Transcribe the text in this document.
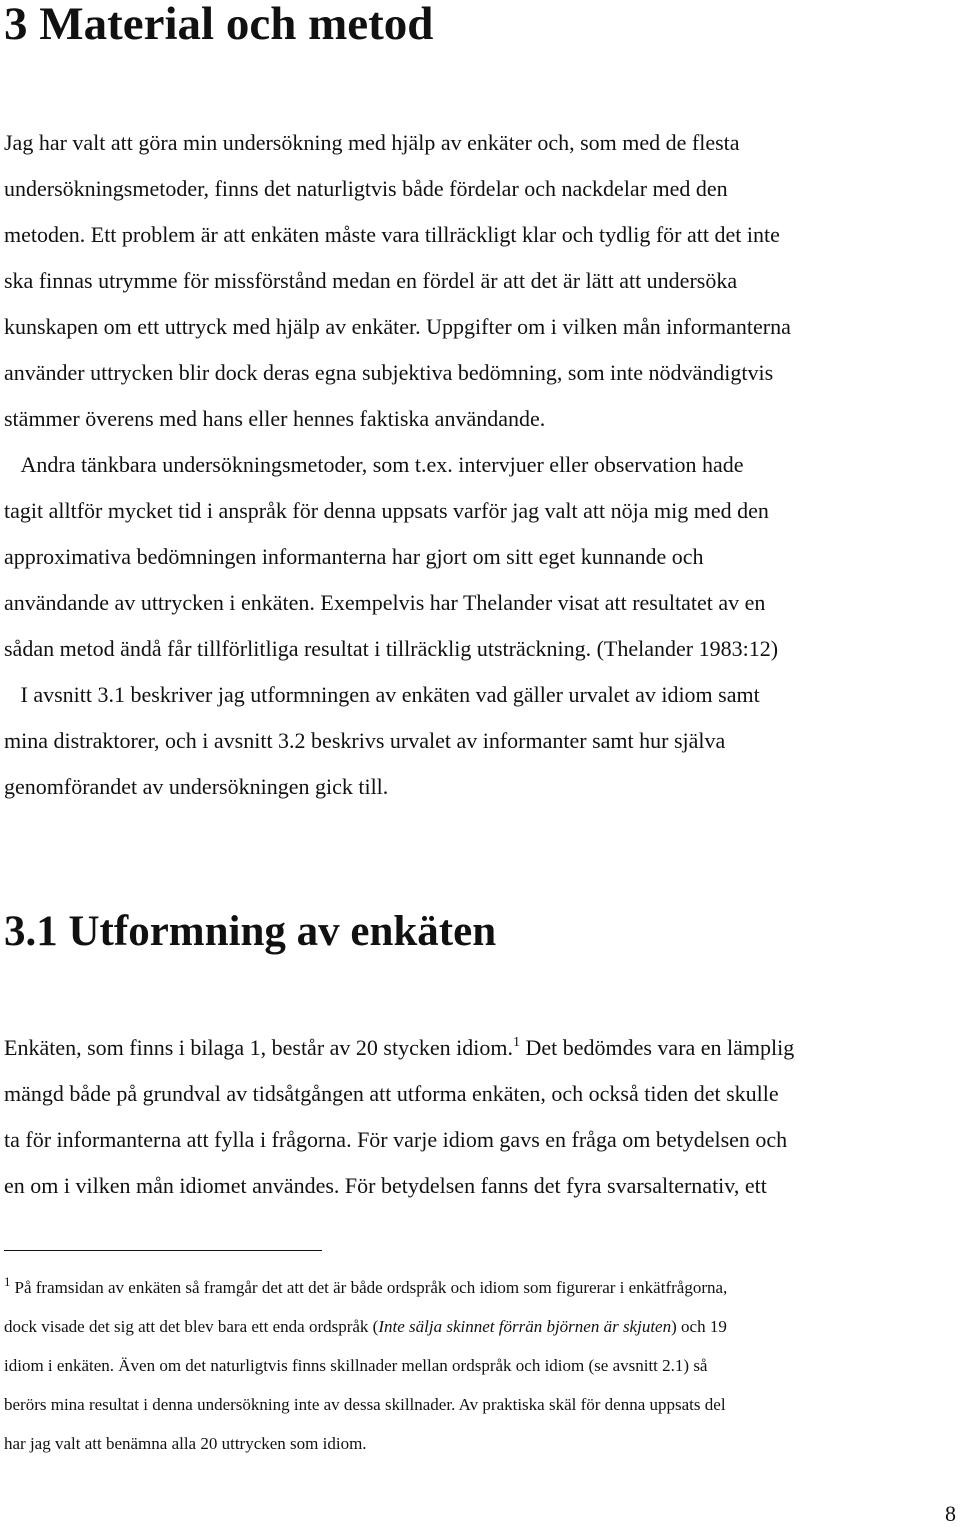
3 Material och metod
Jag har valt att göra min undersökning med hjälp av enkäter och, som med de flesta
undersökningsmetoder, finns det naturligtvis både fördelar och nackdelar med den
metoden. Ett problem är att enkäten måste vara tillräckligt klar och tydlig för att det inte
ska finnas utrymme för missförstånd medan en fördel är att det är lätt att undersöka
kunskapen om ett uttryck med hjälp av enkäter. Uppgifter om i vilken mån informanterna
använder uttrycken blir dock deras egna subjektiva bedömning, som inte nödvändigtvis
stämmer överens med hans eller hennes faktiska användande.
Andra tänkbara undersökningsmetoder, som t.ex. intervjuer eller observation hade
tagit alltför mycket tid i anspråk för denna uppsats varför jag valt att nöja mig med den
approximativa bedömningen informanterna har gjort om sitt eget kunnande och
användande av uttrycken i enkäten. Exempelvis har Thelander visat att resultatet av en
sådan metod ändå får tillförlitliga resultat i tillräcklig utsträckning. (Thelander 1983:12)
I avsnitt 3.1 beskriver jag utformningen av enkäten vad gäller urvalet av idiom samt
mina distraktorer, och i avsnitt 3.2 beskrivs urvalet av informanter samt hur själva
genomförandet av undersökningen gick till.
3.1 Utformning av enkäten
Enkäten, som finns i bilaga 1, består av 20 stycken idiom.$^1$ Det bedömdes vara en lämplig
mängd både på grundval av tidsåtgången att utforma enkäten, och också tiden det skulle
ta för informanterna att fylla i frågorna. För varje idiom gavs en fråga om betydelsen och
en om i vilken mån idiomet användes. För betydelsen fanns det fyra svarsalternativ, ett
$^1$ På framsidan av enkäten så framgår det att det är både ordspråk och idiom som figurerar i enkätfrågorna,
dock visade det sig att det blev bara ett enda ordspråk (Inte sälja skinnet förrän björnen är skjuten) och 19
idiom i enkäten. Även om det naturligtvis finns skillnader mellan ordspråk och idiom (se avsnitt 2.1) så
berörs mina resultat i denna undersökning inte av dessa skillnader. Av praktiska skäl för denna uppsats del
har jag valt att benämna alla 20 uttrycken som idiom.
8
